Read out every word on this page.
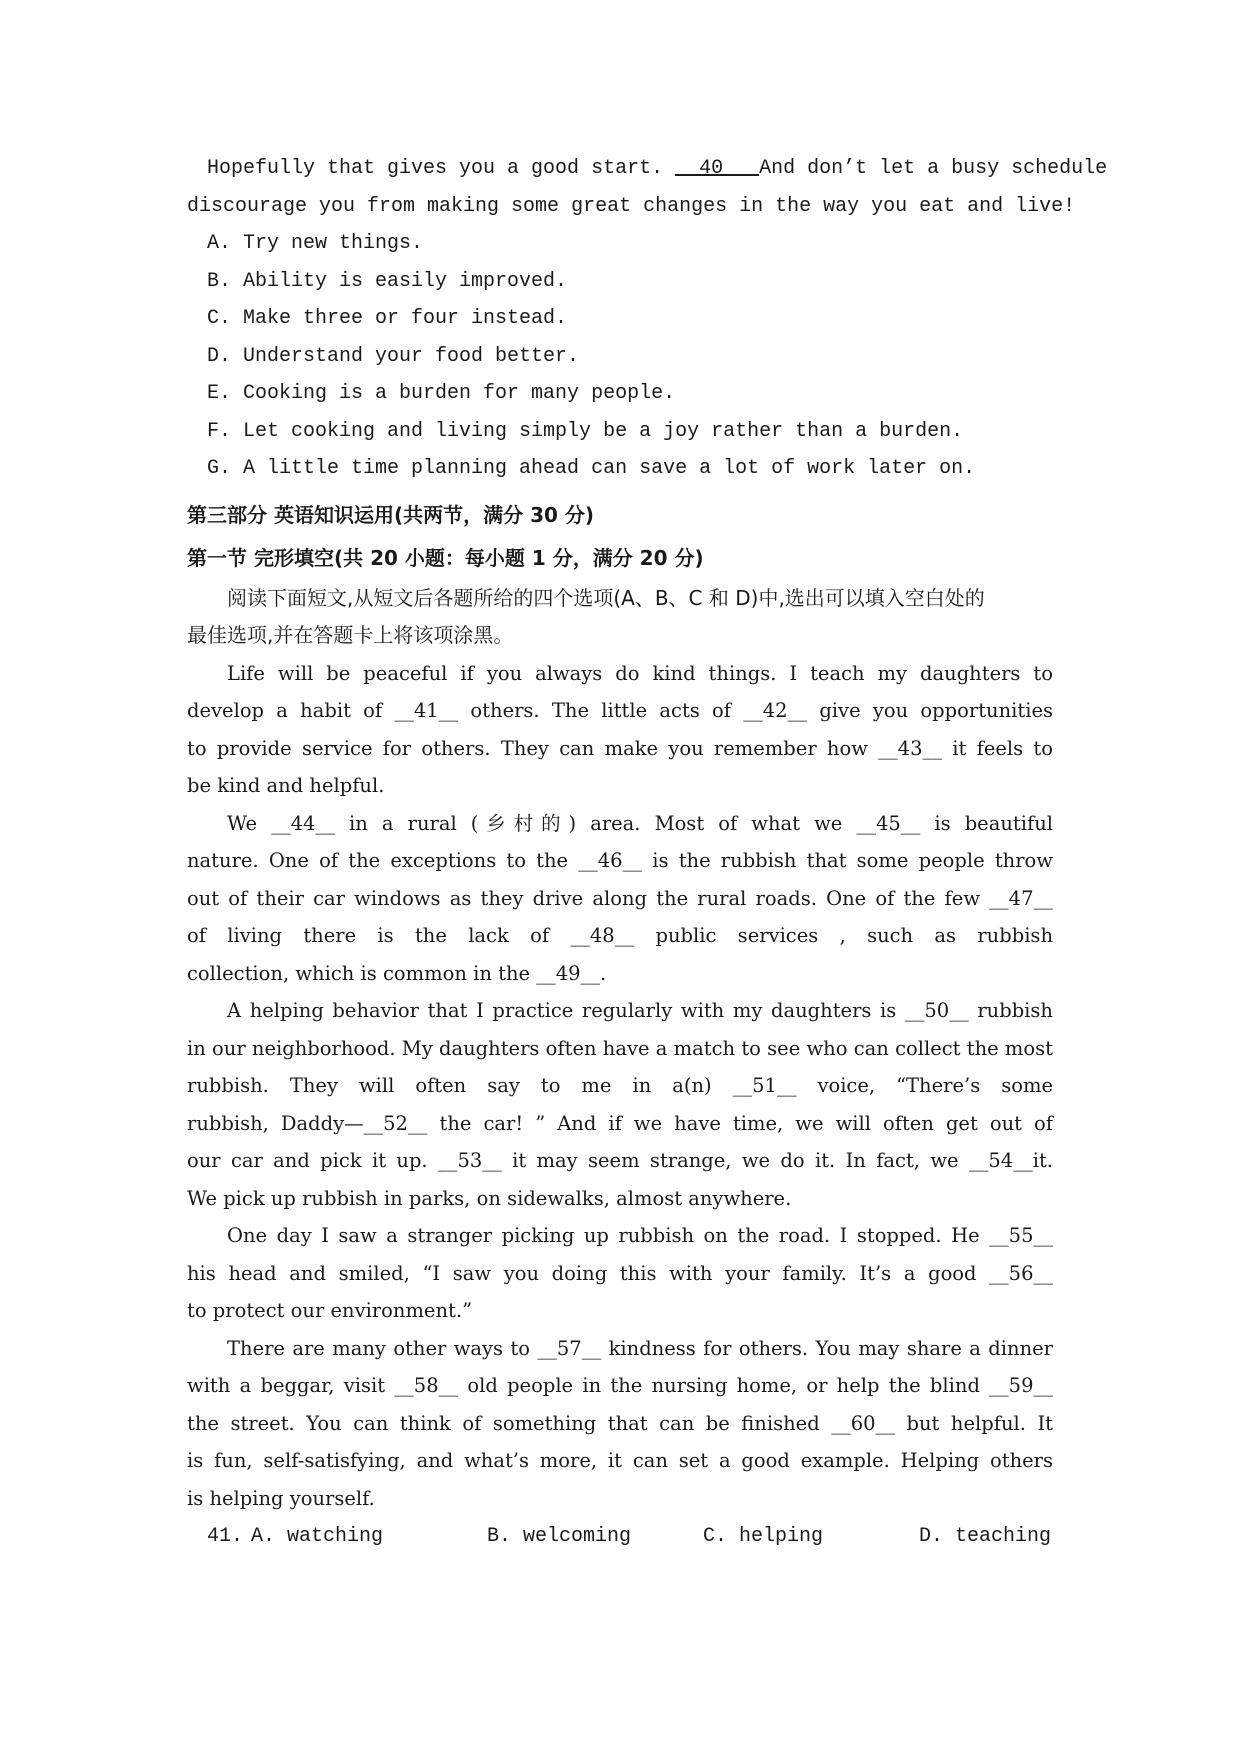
Hopefully that gives you a good start.   40   And don’t let a busy schedule
discourage you from making some great changes in the way you eat and live!
A. Try new things.
B. Ability is easily improved.
C. Make three or four instead.
D. Understand your food better.
E. Cooking is a burden for many people.
F. Let cooking and living simply be a joy rather than a burden.
G. A little time planning ahead can save a lot of work later on.
第三部分 英语知识运用(共两节，满分 30 分)
第一节 完形填空(共 20 小题：每小题 1 分，满分 20 分)
阅读下面短文,从短文后各题所给的四个选项(A、B、C 和 D)中,选出可以填入空白处的
最佳选项,并在答题卡上将该项涂黑。
Life will be peaceful if you always do kind things. I teach my daughters to
develop a habit of __41__ others. The little acts of __42__ give you opportunities
to provide service for others. They can make you remember how __43__ it feels to
be kind and helpful.
We __44__ in a rural (乡村的) area. Most of what we __45__ is beautiful
nature. One of the exceptions to the __46__ is the rubbish that some people throw
out of their car windows as they drive along the rural roads. One of the few __47__
of living there is the lack of __48__ public services , such as rubbish
collection, which is common in the __49__.
A helping behavior that I practice regularly with my daughters is __50__ rubbish
in our neighborhood. My daughters often have a match to see who can collect the most
rubbish. They will often say to me in a(n) __51__ voice, “There’s some
rubbish, Daddy—__52__ the car! ” And if we have time, we will often get out of
our car and pick it up. __53__ it may seem strange, we do it. In fact, we __54__it.
We pick up rubbish in parks, on sidewalks, almost anywhere.
One day I saw a stranger picking up rubbish on the road. I stopped. He __55__
his head and smiled, “I saw you doing this with your family. It’s a good __56__
to protect our environment.”
There are many other ways to __57__ kindness for others. You may share a dinner
with a beggar, visit __58__ old people in the nursing home, or help the blind __59__
the street. You can think of something that can be finished __60__ but helpful. It
is fun, self-satisfying, and what’s more, it can set a good example. Helping others
is helping yourself.
41. A. watching	B. welcoming	C. helping	D. teaching
